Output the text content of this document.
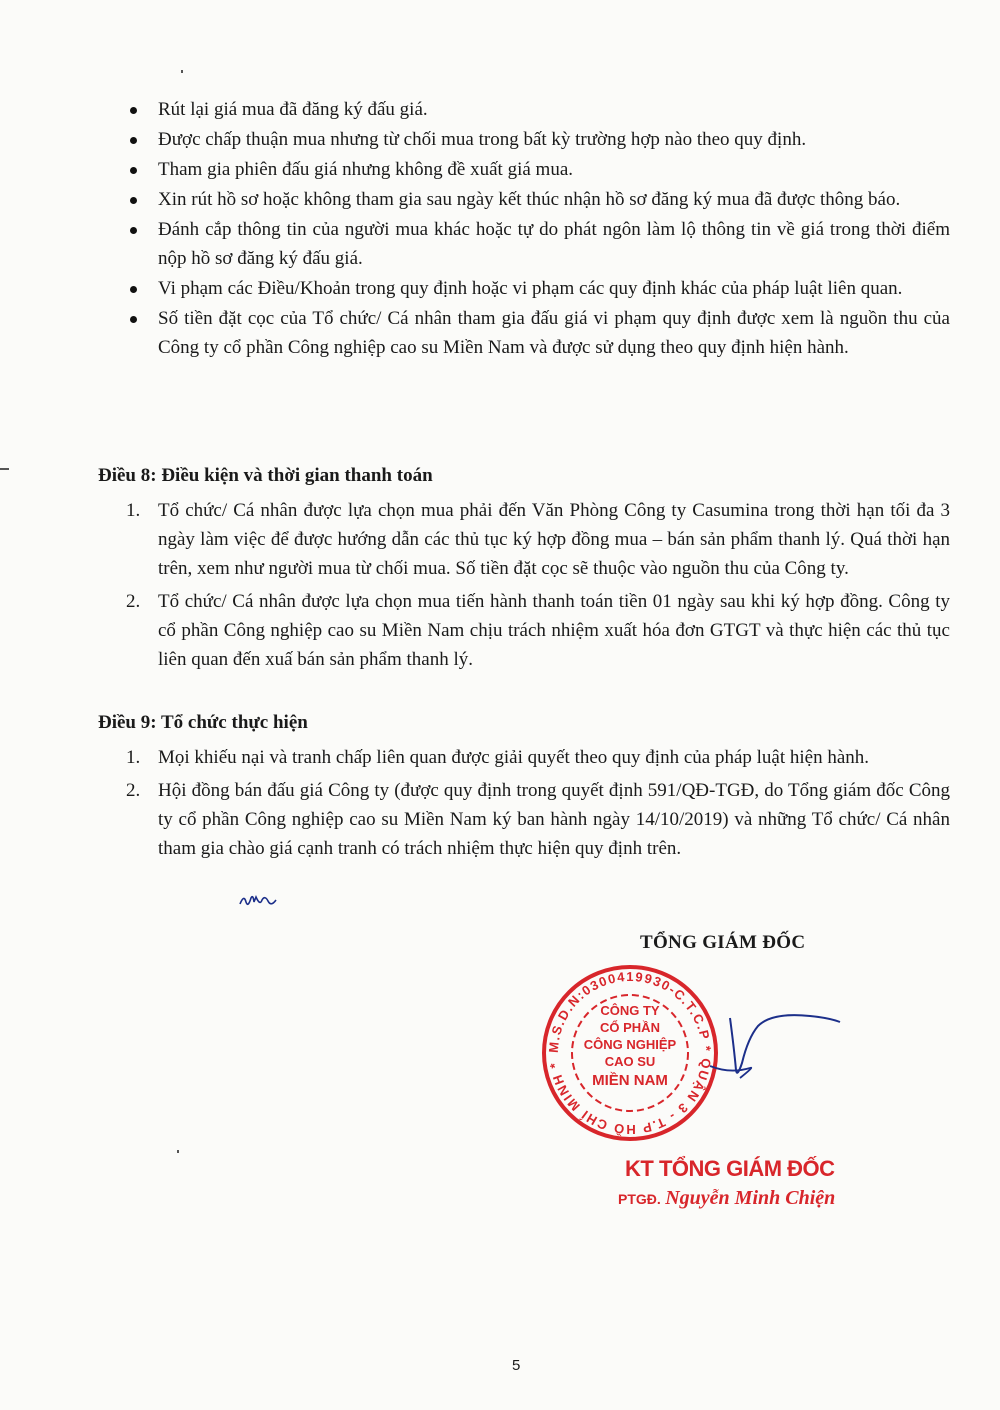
Rút lại giá mua đã đăng ký đấu giá.
Được chấp thuận mua nhưng từ chối mua trong bất kỳ trường hợp nào theo quy định.
Tham gia phiên đấu giá nhưng không đề xuất giá mua.
Xin rút hồ sơ hoặc không tham gia sau ngày kết thúc nhận hồ sơ đăng ký mua đã được thông báo.
Đánh cắp thông tin của người mua khác hoặc tự do phát ngôn làm lộ thông tin về giá trong thời điểm nộp hồ sơ đăng ký đấu giá.
Vi phạm các Điều/Khoản trong quy định hoặc vi phạm các quy định khác của pháp luật liên quan.
Số tiền đặt cọc của Tổ chức/ Cá nhân tham gia đấu giá vi phạm quy định được xem là nguồn thu của Công ty cổ phần Công nghiệp cao su Miền Nam và được sử dụng theo quy định hiện hành.
Điều 8: Điều kiện và thời gian thanh toán
1. Tổ chức/ Cá nhân được lựa chọn mua phải đến Văn Phòng Công ty Casumina trong thời hạn tối đa 3 ngày làm việc để được hướng dẫn các thủ tục ký hợp đồng mua – bán sản phẩm thanh lý. Quá thời hạn trên, xem như người mua từ chối mua. Số tiền đặt cọc sẽ thuộc vào nguồn thu của Công ty.
2. Tổ chức/ Cá nhân được lựa chọn mua tiến hành thanh toán tiền 01 ngày sau khi ký hợp đồng. Công ty cổ phần Công nghiệp cao su Miền Nam chịu trách nhiệm xuất hóa đơn GTGT và thực hiện các thủ tục liên quan đến xuấ bán sản phẩm thanh lý.
Điều 9: Tổ chức thực hiện
1. Mọi khiếu nại và tranh chấp liên quan được giải quyết theo quy định của pháp luật hiện hành.
2. Hội đồng bán đấu giá Công ty (được quy định trong quyết định 591/QĐ-TGĐ, do Tổng giám đốc Công ty cổ phần Công nghiệp cao su Miền Nam ký ban hành ngày 14/10/2019) và những Tổ chức/ Cá nhân tham gia chào giá cạnh tranh có trách nhiệm thực hiện quy định trên.
TỔNG GIÁM ĐỐC
M.S.D.N:0300419930-C.T.C.P * QUẬN 3 - T.P HỒ CHÍ MINH *
CÔNG TY
CỔ PHẦN
CÔNG NGHIỆP
CAO SU
MIỀN NAM
KT TỔNG GIÁM ĐỐC
PTGĐ. Nguyễn Minh Chiện
5
